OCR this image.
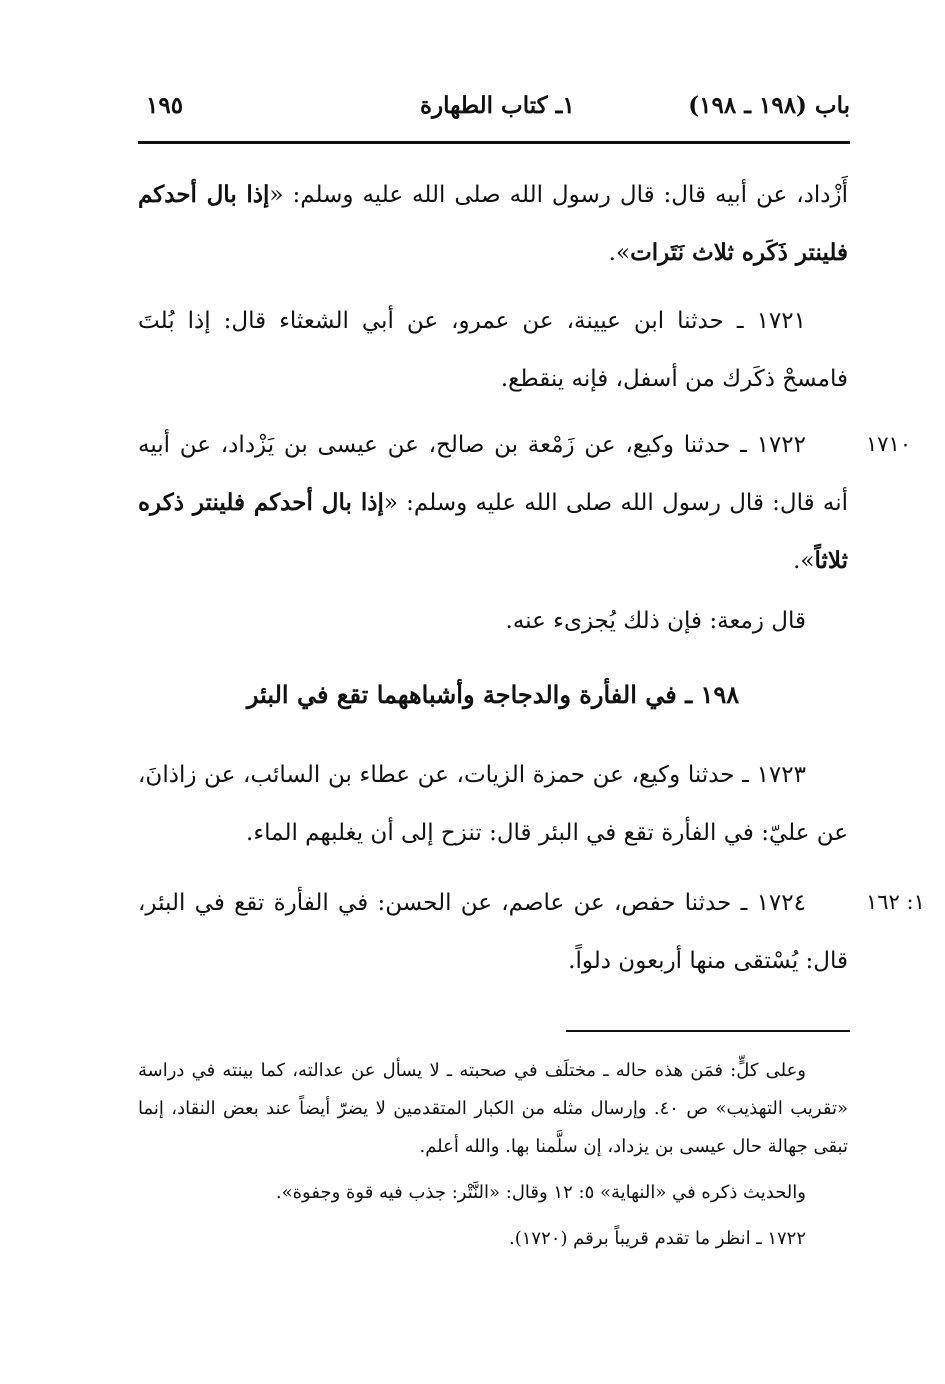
باب (١٩٨ ـ ١٩٨)
١ـ كتاب الطهارة
١٩٥

أَزْداد، عن أبيه قال: قال رسول الله صلى الله عليه وسلم: «إذا بال أحدكم فلينتر ذَكَره ثلاث نَتَرات».

١٧٢١ ـ حدثنا ابن عيينة، عن عمرو، عن أبي الشعثاء قال: إذا بُلتَ فامسحْ ذكَرك من أسفل، فإنه ينقطع.

١٧١٠

١٧٢٢ ـ حدثنا وكيع، عن زَمْعة بن صالح، عن عيسى بن يَزْداد، عن أبيه أنه قال: قال رسول الله صلى الله عليه وسلم: «إذا بال أحدكم فلينتر ذكره ثلاثاً».

قال زمعة: فإن ذلك يُجزىء عنه.

١٩٨ ـ في الفأرة والدجاجة وأشباههما تقع في البئر

١٧٢٣ ـ حدثنا وكيع، عن حمزة الزيات، عن عطاء بن السائب، عن زاذانَ، عن عليّ: في الفأرة تقع في البئر قال: تنزح إلى أن يغلبهم الماء.

١: ١٦٢

١٧٢٤ ـ حدثنا حفص، عن عاصم، عن الحسن: في الفأرة تقع في البئر، قال: يُسْتقى منها أربعون دلواً.

وعلى كلٍّ: فمَن هذه حاله ـ مختلَف في صحبته ـ لا يسأل عن عدالته، كما بينته في دراسة «تقريب التهذيب» ص ٤٠. وإرسال مثله من الكبار المتقدمين لا يضرّ أيضاً عند بعض النقاد، إنما تبقى جهالة حال عيسى بن يزداد، إن سلَّمنا بها. والله أعلم.

والحديث ذكره في «النهاية» ٥: ١٢ وقال: «النَّتْر: جذب فيه قوة وجفوة».

١٧٢٢ ـ انظر ما تقدم قريباً برقم (١٧٢٠).
